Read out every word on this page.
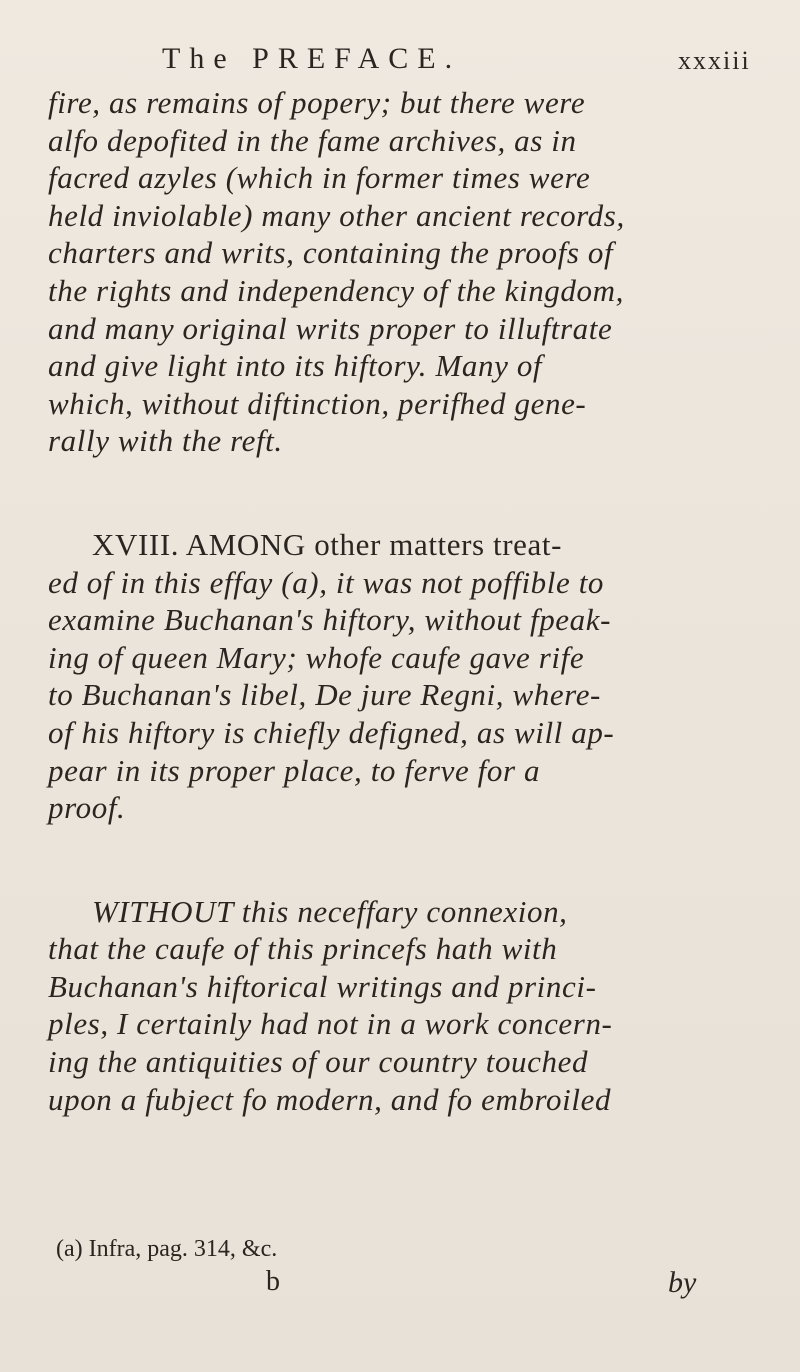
The PREFACE.	xxxiii
fire, as remains of popery; but there were
alfo depofited in the fame archives, as in
facred azyles (which in former times were
held inviolable) many other ancient records,
charters and writs, containing the proofs of
the rights and independency of the kingdom,
and many original writs proper to illuftrate
and give light into its hiftory. Many of
which, without diftinction, perifhed gene-
rally with the reft.
XVIII. AMONG other matters treat-
ed of in this effay (a), it was not poffible to
examine Buchanan's hiftory, without fpeak-
ing of queen Mary; whofe caufe gave rife
to Buchanan's libel, De jure Regni, where-
of his hiftory is chiefly defigned, as will ap-
pear in its proper place, to ferve for a
proof.
WITHOUT this neceffary connexion,
that the caufe of this princefs hath with
Buchanan's hiftorical writings and princi-
ples, I certainly had not in a work concern-
ing the antiquities of our country touched
upon a fubject fo modern, and fo embroiled
(a) Infra, pag. 314, &c.
b	by
